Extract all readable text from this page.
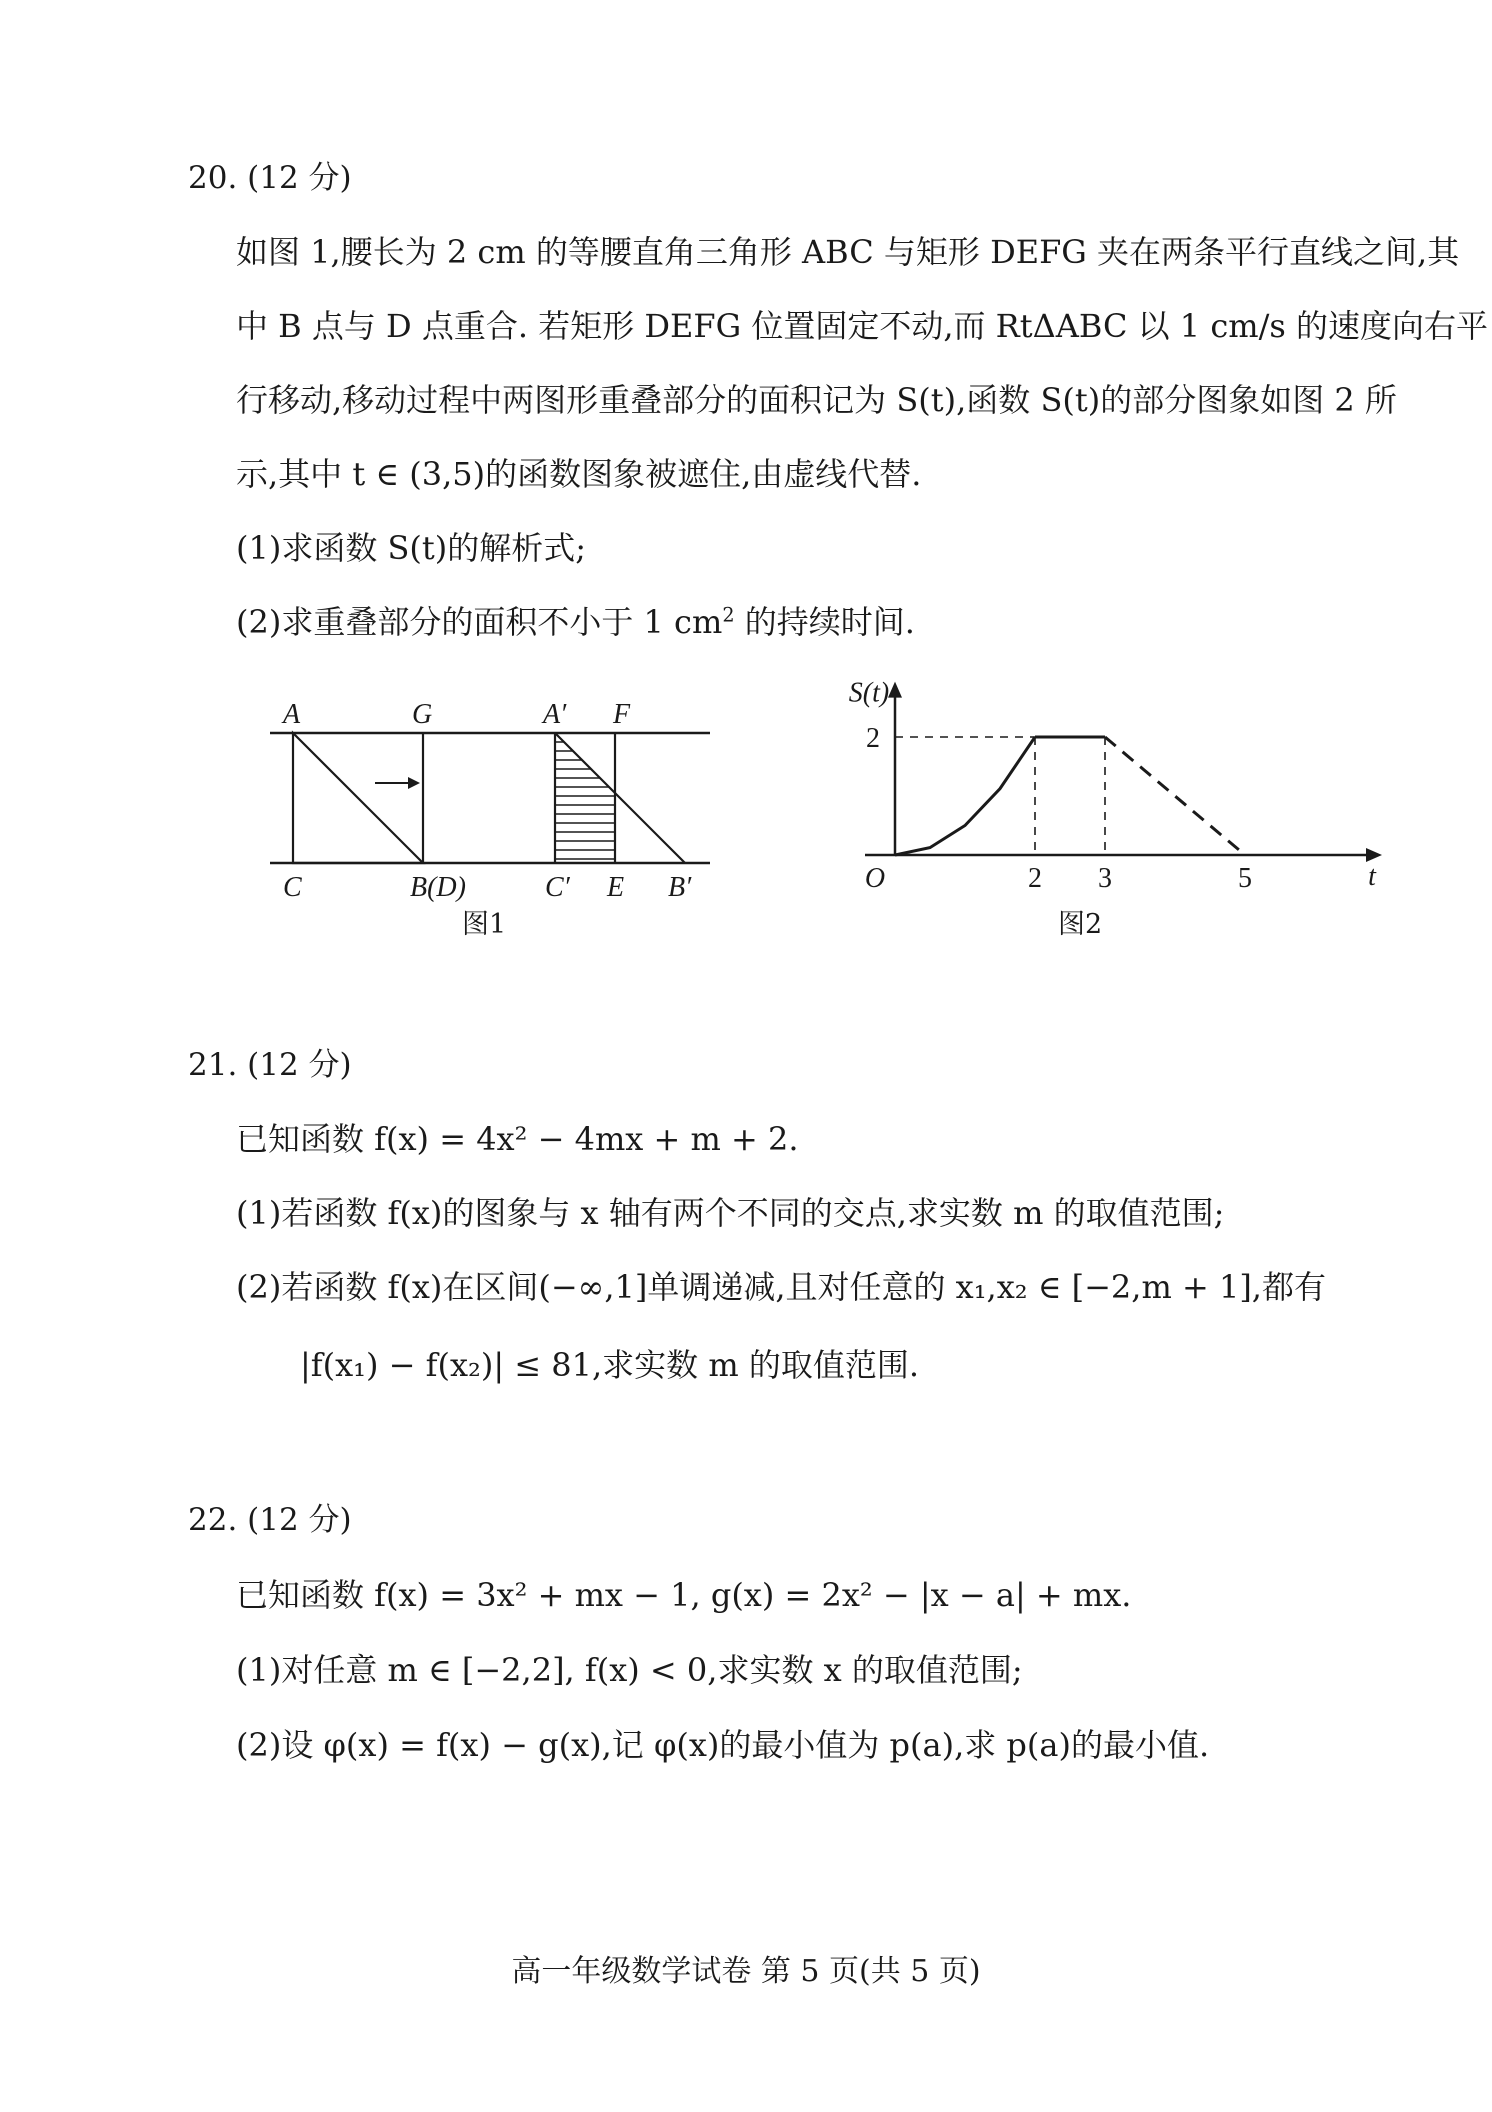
20. (12 分)
如图 1,腰长为 2 cm 的等腰直角三角形 ABC 与矩形 DEFG 夹在两条平行直线之间,其
中 B 点与 D 点重合. 若矩形 DEFG 位置固定不动,而 RtΔABC 以 1 cm/s 的速度向右平
行移动,移动过程中两图形重叠部分的面积记为 S(t),函数 S(t)的部分图象如图 2 所
示,其中 t ∈ (3,5)的函数图象被遮住,由虚线代替.
(1)求函数 S(t)的解析式;
(2)求重叠部分的面积不小于 1 $cm^2$ 的持续时间.
A	G	A′ F
C	B(D)	C′ E B′
图1
S(t)
2
O	2 3	5	t
图2
21. (12 分)
已知函数 f(x) = 4x² − 4mx + m + 2.
(1)若函数 f(x)的图象与 x 轴有两个不同的交点,求实数 m 的取值范围;
(2)若函数 f(x)在区间(−∞,1]单调递减,且对任意的 x₁,x₂ ∈ [−2,m + 1],都有
|f(x₁) − f(x₂)| ≤ 81,求实数 m 的取值范围.
22. (12 分)
已知函数 f(x) = 3x² + mx − 1, g(x) = 2x² − |x − a| + mx.
(1)对任意 m ∈ [−2,2], f(x) < 0,求实数 x 的取值范围;
(2)设 φ(x) = f(x) − g(x),记 φ(x)的最小值为 p(a),求 p(a)的最小值.
高一年级数学试卷 第 5 页(共 5 页)
